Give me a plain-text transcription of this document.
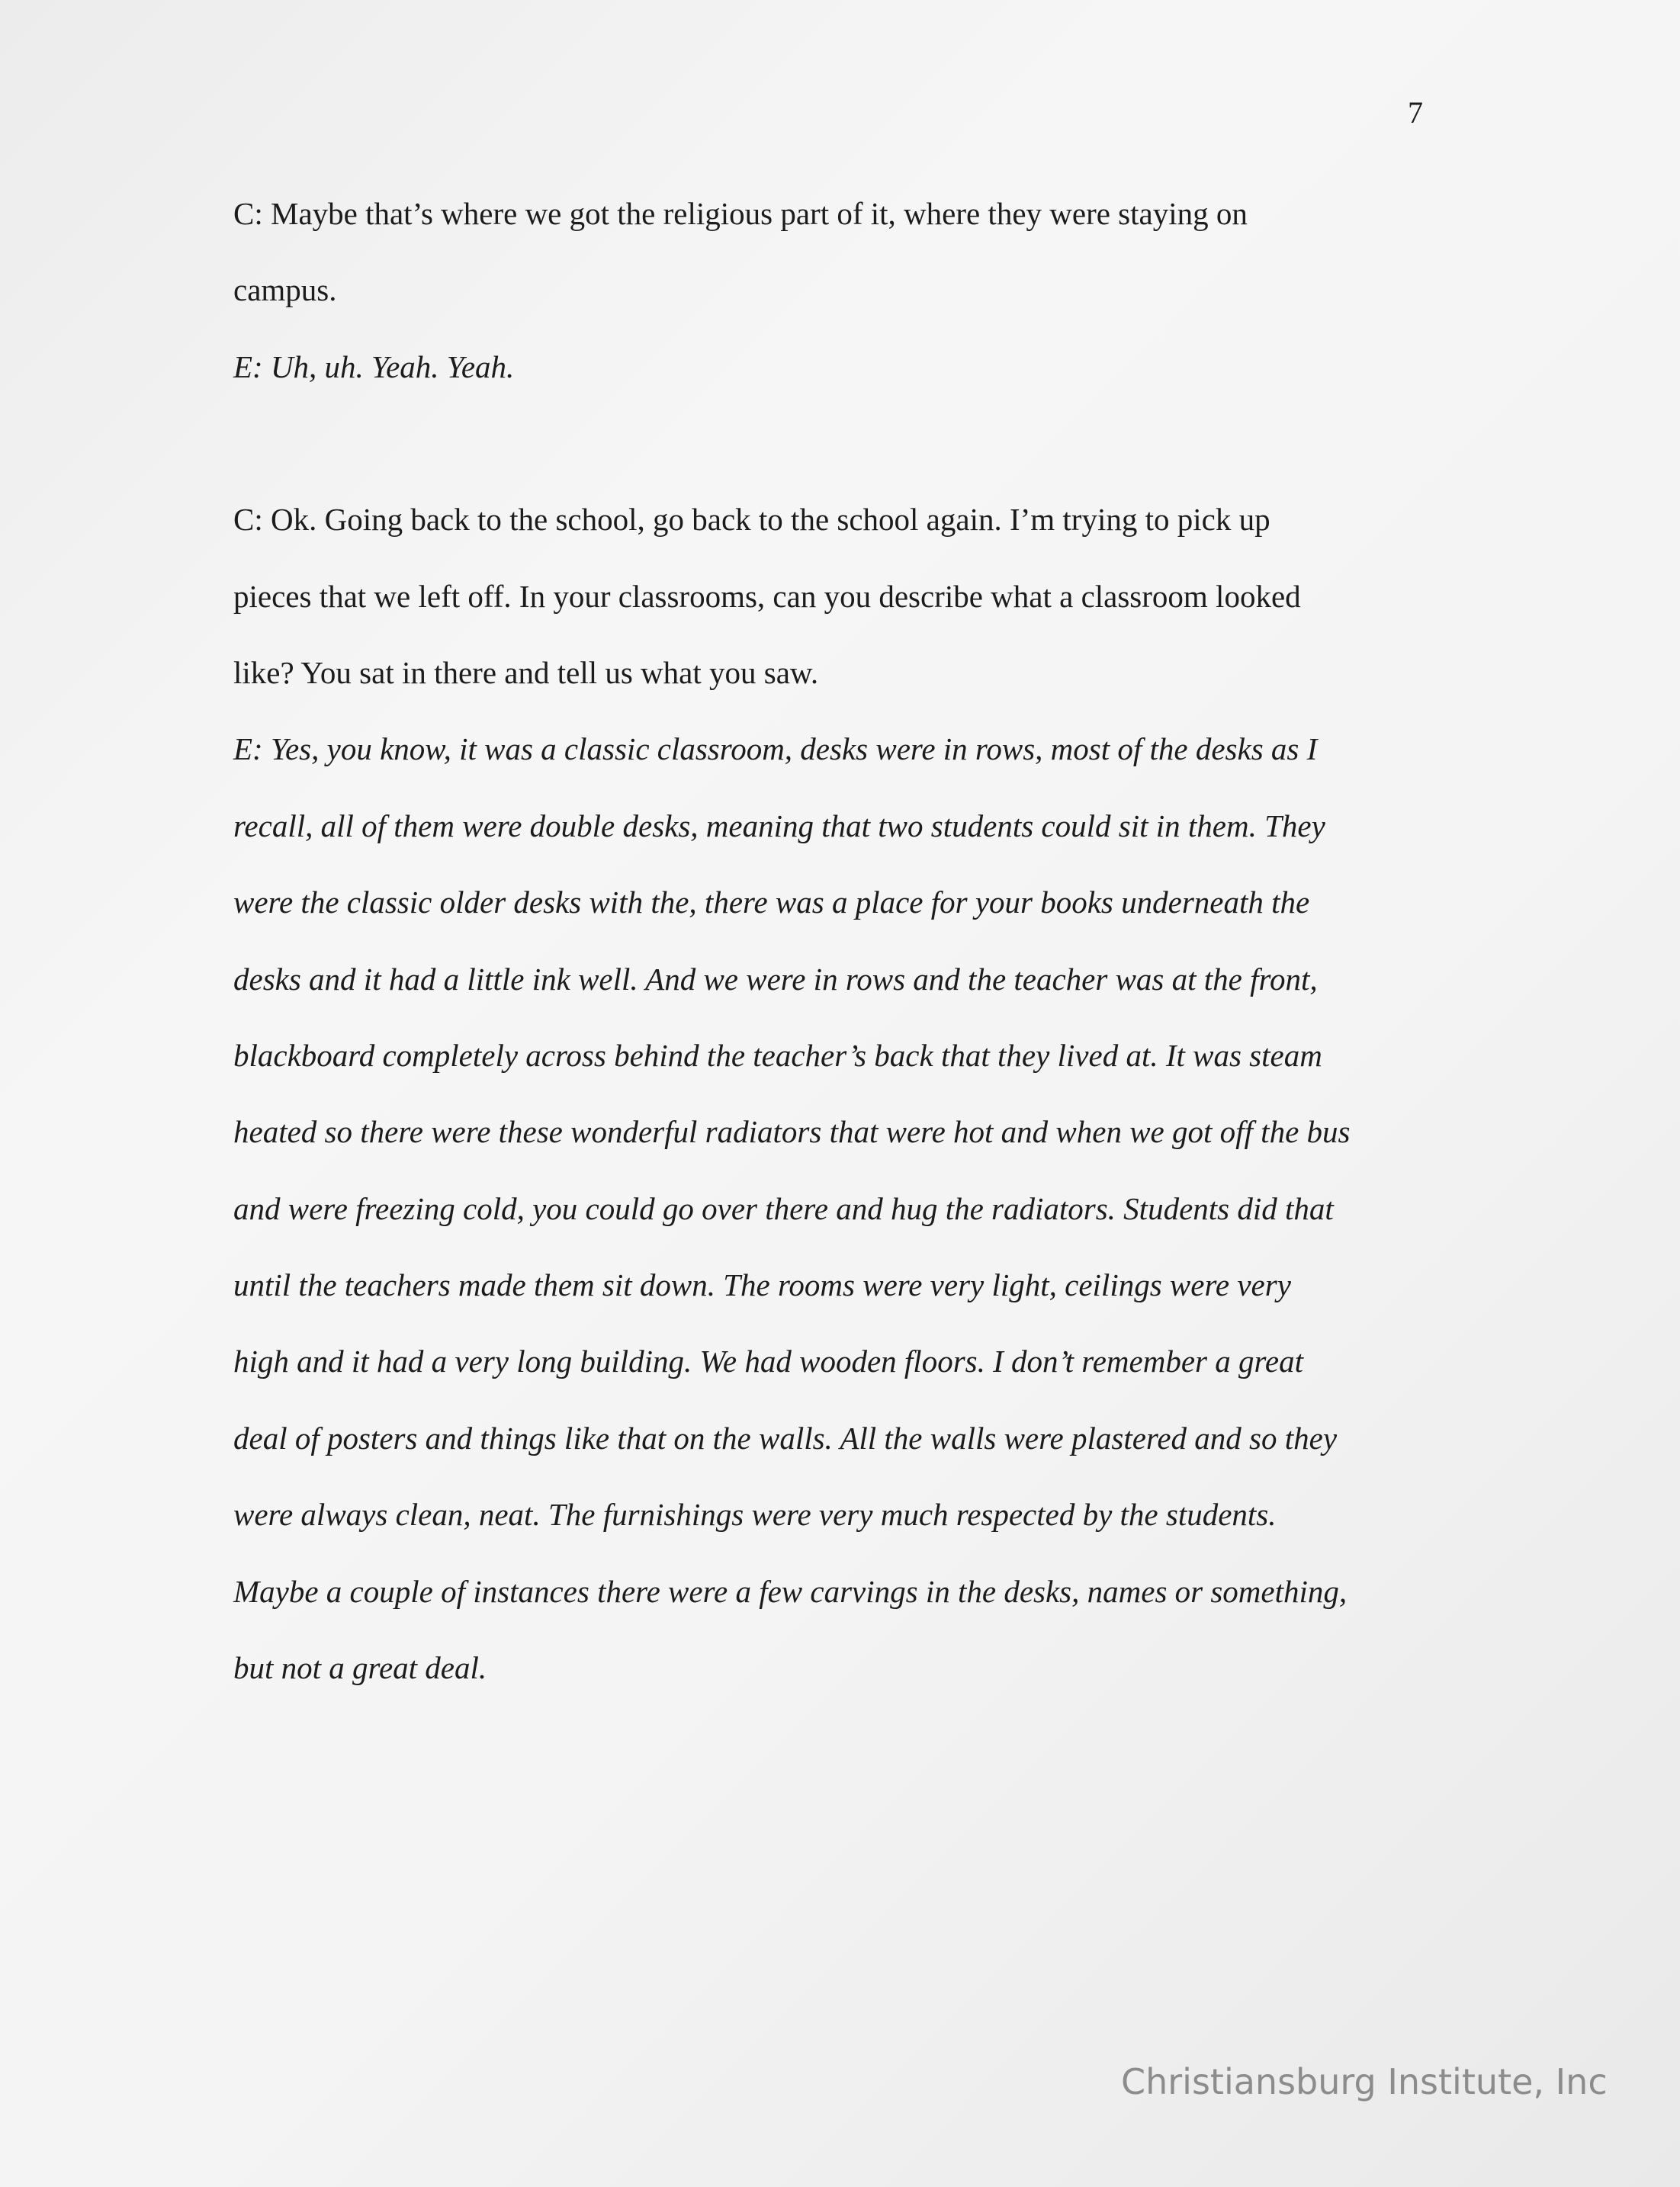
7
C: Maybe that’s where we got the religious part of it, where they were staying on
campus.
E: Uh, uh. Yeah. Yeah.
C: Ok. Going back to the school, go back to the school again. I’m trying to pick up
pieces that we left off. In your classrooms, can you describe what a classroom looked
like? You sat in there and tell us what you saw.
E: Yes, you know, it was a classic classroom, desks were in rows, most of the desks as I
recall, all of them were double desks, meaning that two students could sit in them. They
were the classic older desks with the, there was a place for your books underneath the
desks and it had a little ink well. And we were in rows and the teacher was at the front,
blackboard completely across behind the teacher’s back that they lived at. It was steam
heated so there were these wonderful radiators that were hot and when we got off the bus
and were freezing cold, you could go over there and hug the radiators. Students did that
until the teachers made them sit down. The rooms were very light, ceilings were very
high and it had a very long building. We had wooden floors. I don’t remember a great
deal of posters and things like that on the walls. All the walls were plastered and so they
were always clean, neat. The furnishings were very much respected by the students.
Maybe a couple of instances there were a few carvings in the desks, names or something,
but not a great deal.
Christiansburg Institute, Inc
